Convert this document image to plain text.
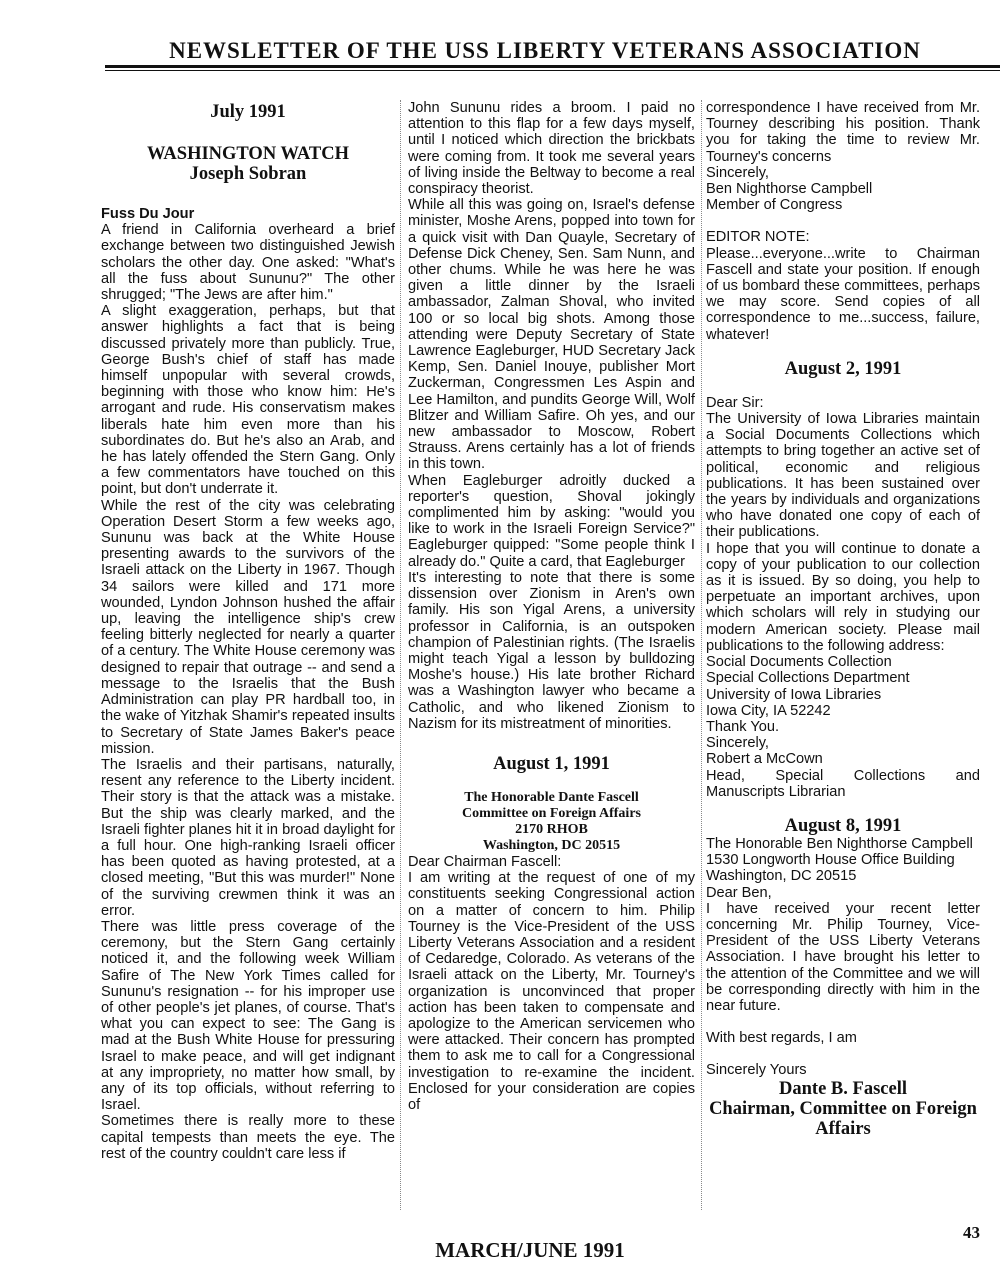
NEWSLETTER OF THE USS LIBERTY VETERANS ASSOCIATION

July 1991

WASHINGTON WATCH

Joseph Sobran

Fuss Du Jour

A friend in California overheard a brief exchange between two distinguished Jewish scholars the other day. One asked: "What's all the fuss about Sununu?" The other shrugged; "The Jews are after him."

A slight exaggeration, perhaps, but that answer highlights a fact that is being discussed privately more than publicly. True, George Bush's chief of staff has made himself unpopular with several crowds, beginning with those who know him: He's arrogant and rude. His conservatism makes liberals hate him even more than his subordinates do. But he's also an Arab, and he has lately offended the Stern Gang. Only a few commentators have touched on this point, but don't underrate it.

While the rest of the city was celebrating Operation Desert Storm a few weeks ago, Sununu was back at the White House presenting awards to the survivors of the Israeli attack on the Liberty in 1967. Though 34 sailors were killed and 171 more wounded, Lyndon Johnson hushed the affair up, leaving the intelligence ship's crew feeling bitterly neglected for nearly a quarter of a century. The White House ceremony was designed to repair that outrage -- and send a message to the Israelis that the Bush Administration can play PR hardball too, in the wake of Yitzhak Shamir's repeated insults to Secretary of State James Baker's peace mission.

The Israelis and their partisans, naturally, resent any reference to the Liberty incident. Their story is that the attack was a mistake. But the ship was clearly marked, and the Israeli fighter planes hit it in broad daylight for a full hour. One high-ranking Israeli officer has been quoted as having protested, at a closed meeting, "But this was murder!" None of the surviving crewmen think it was an error.

There was little press coverage of the ceremony, but the Stern Gang certainly noticed it, and the following week William Safire of The New York Times called for Sununu's resignation -- for his improper use of other people's jet planes, of course. That's what you can expect to see: The Gang is mad at the Bush White House for pressuring Israel to make peace, and will get indignant at any impropriety, no matter how small, by any of its top officials, without referring to Israel.

Sometimes there is really more to these capital tempests than meets the eye. The rest of the country couldn't care less if

John Sununu rides a broom. I paid no attention to this flap for a few days myself, until I noticed which direction the brickbats were coming from. It took me several years of living inside the Beltway to become a real conspiracy theorist.

While all this was going on, Israel's defense minister, Moshe Arens, popped into town for a quick visit with Dan Quayle, Secretary of Defense Dick Cheney, Sen. Sam Nunn, and other chums. While he was here he was given a little dinner by the Israeli ambassador, Zalman Shoval, who invited 100 or so local big shots. Among those attending were Deputy Secretary of State Lawrence Eagleburger, HUD Secretary Jack Kemp, Sen. Daniel Inouye, publisher Mort Zuckerman, Congressmen Les Aspin and Lee Hamilton, and pundits George Will, Wolf Blitzer and William Safire. Oh yes, and our new ambassador to Moscow, Robert Strauss. Arens certainly has a lot of friends in this town.

When Eagleburger adroitly ducked a reporter's question, Shoval jokingly complimented him by asking: "would you like to work in the Israeli Foreign Service?" Eagleburger quipped: "Some people think I already do." Quite a card, that Eagleburger

It's interesting to note that there is some dissension over Zionism in Aren's own family. His son Yigal Arens, a university professor in California, is an outspoken champion of Palestinian rights. (The Israelis might teach Yigal a lesson by bulldozing Moshe's house.) His late brother Richard was a Washington lawyer who became a Catholic, and who likened Zionism to Nazism for its mistreatment of minorities.

August 1, 1991

The Honorable Dante Fascell

Committee on Foreign Affairs

2170 RHOB

Washington, DC 20515

Dear Chairman Fascell:

I am writing at the request of one of my constituents seeking Congressional action on a matter of concern to him. Philip Tourney is the Vice-President of the USS Liberty Veterans Association and a resident of Cedaredge, Colorado. As veterans of the Israeli attack on the Liberty, Mr. Tourney's organization is unconvinced that proper action has been taken to compensate and apologize to the American servicemen who were attacked. Their concern has prompted them to ask me to call for a Congressional investigation to re-examine the incident. Enclosed for your consideration are copies of

correspondence I have received from Mr. Tourney describing his position. Thank you for taking the time to review Mr. Tourney's concerns

Sincerely,

Ben Nighthorse Campbell

Member of Congress

EDITOR NOTE:

Please...everyone...write to Chairman Fascell and state your position. If enough of us bombard these committees, perhaps we may score. Send copies of all correspondence to me...success, failure, whatever!

August 2, 1991

Dear Sir:

The University of Iowa Libraries maintain a Social Documents Collections which attempts to bring together an active set of political, economic and religious publications. It has been sustained over the years by individuals and organizations who have donated one copy of each of their publications.

I hope that you will continue to donate a copy of your publication to our collection as it is issued. By so doing, you help to perpetuate an important archives, upon which scholars will rely in studying our modern American society. Please mail publications to the following address:

Social Documents Collection

Special Collections Department

University of Iowa Libraries

Iowa City, IA 52242

Thank You.

Sincerely,

Robert a McCown

Head, Special Collections and Manuscripts Librarian

August 8, 1991

The Honorable Ben Nighthorse Campbell

1530 Longworth House Office Building

Washington, DC 20515

Dear Ben,

I have received your recent letter concerning Mr. Philip Tourney, Vice-President of the USS Liberty Veterans Association. I have brought his letter to the attention of the Committee and we will be corresponding directly with him in the near future.

With best regards, I am

Sincerely Yours

Dante B. Fascell

Chairman, Committee on Foreign Affairs

MARCH/JUNE 1991
43
